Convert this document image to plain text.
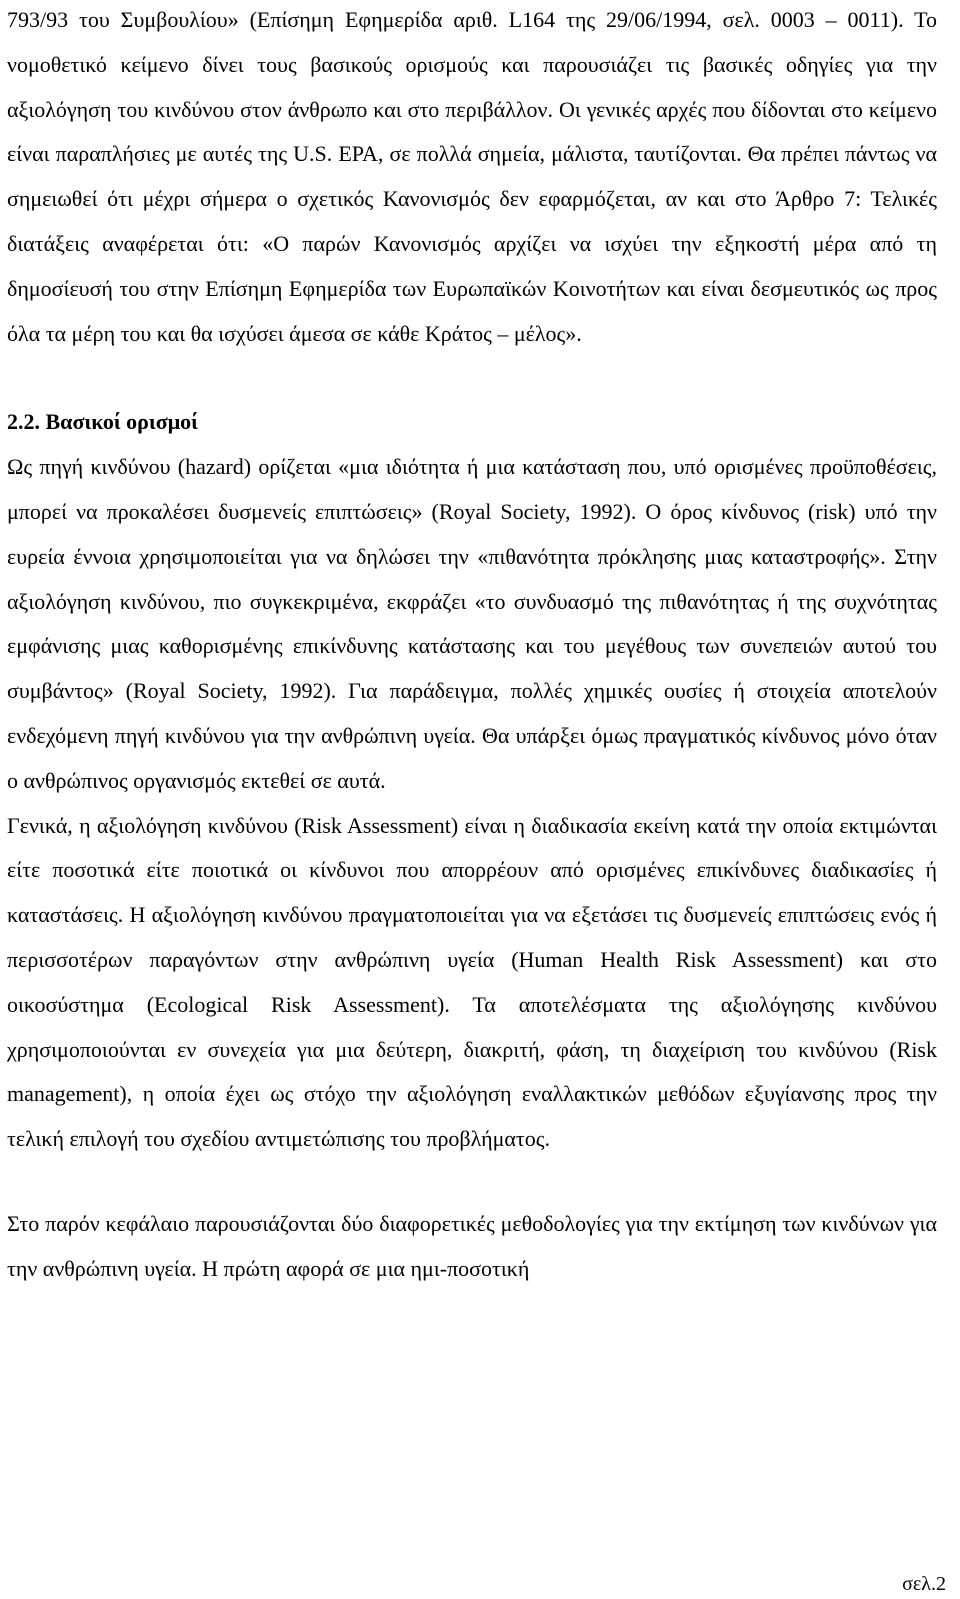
793/93 του Συμβουλίου» (Επίσημη Εφημερίδα αριθ. L164 της 29/06/1994, σελ. 0003 – 0011). Το νομοθετικό κείμενο δίνει τους βασικούς ορισμούς και παρουσιάζει τις βασικές οδηγίες για την αξιολόγηση του κινδύνου στον άνθρωπο και στο περιβάλλον. Οι γενικές αρχές που δίδονται στο κείμενο είναι παραπλήσιες με αυτές της U.S. EPA, σε πολλά σημεία, μάλιστα, ταυτίζονται. Θα πρέπει πάντως να σημειωθεί ότι μέχρι σήμερα ο σχετικός Κανονισμός δεν εφαρμόζεται, αν και στο Άρθρο 7: Τελικές διατάξεις αναφέρεται ότι: «Ο παρών Κανονισμός αρχίζει να ισχύει την εξηκοστή μέρα από τη δημοσίευσή του στην Επίσημη Εφημερίδα των Ευρωπαϊκών Κοινοτήτων και είναι δεσμευτικός ως προς όλα τα μέρη του και θα ισχύσει άμεσα σε κάθε Κράτος – μέλος».

2.2. Βασικοί ορισμοί

Ως πηγή κινδύνου (hazard) ορίζεται «μια ιδιότητα ή μια κατάσταση που, υπό ορισμένες προϋποθέσεις, μπορεί να προκαλέσει δυσμενείς επιπτώσεις» (Royal Society, 1992). Ο όρος κίνδυνος (risk) υπό την ευρεία έννοια χρησιμοποιείται για να δηλώσει την «πιθανότητα πρόκλησης μιας καταστροφής». Στην αξιολόγηση κινδύνου, πιο συγκεκριμένα, εκφράζει «το συνδυασμό της πιθανότητας ή της συχνότητας εμφάνισης μιας καθορισμένης επικίνδυνης κατάστασης και του μεγέθους των συνεπειών αυτού του συμβάντος» (Royal Society, 1992). Για παράδειγμα, πολλές χημικές ουσίες ή στοιχεία αποτελούν ενδεχόμενη πηγή κινδύνου για την ανθρώπινη υγεία. Θα υπάρξει όμως πραγματικός κίνδυνος μόνο όταν ο ανθρώπινος οργανισμός εκτεθεί σε αυτά.

Γενικά, η αξιολόγηση κινδύνου (Risk Assessment) είναι η διαδικασία εκείνη κατά την οποία εκτιμώνται είτε ποσοτικά είτε ποιοτικά οι κίνδυνοι που απορρέουν από ορισμένες επικίνδυνες διαδικασίες ή καταστάσεις. Η αξιολόγηση κινδύνου πραγματοποιείται για να εξετάσει τις δυσμενείς επιπτώσεις ενός ή περισσοτέρων παραγόντων στην ανθρώπινη υγεία (Human Health Risk Assessment) και στο οικοσύστημα (Ecological Risk Assessment). Τα αποτελέσματα της αξιολόγησης κινδύνου χρησιμοποιούνται εν συνεχεία για μια δεύτερη, διακριτή, φάση, τη διαχείριση του κινδύνου (Risk management), η οποία έχει ως στόχο την αξιολόγηση εναλλακτικών μεθόδων εξυγίανσης προς την τελική επιλογή του σχεδίου αντιμετώπισης του προβλήματος.

Στο παρόν κεφάλαιο παρουσιάζονται δύο διαφορετικές μεθοδολογίες για την εκτίμηση των κινδύνων για την ανθρώπινη υγεία. Η πρώτη αφορά σε μια ημι-ποσοτική

σελ.2
